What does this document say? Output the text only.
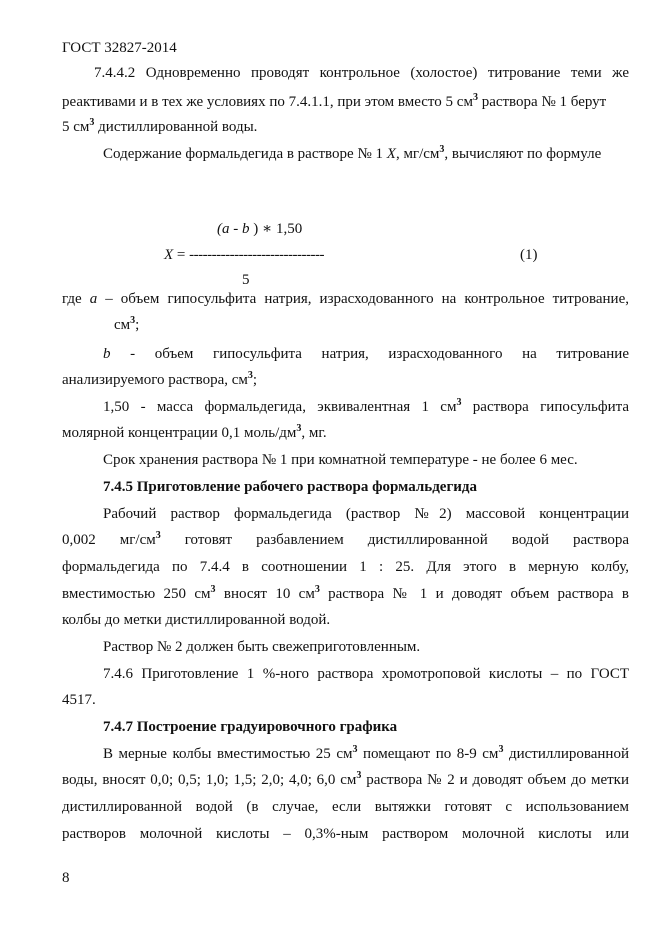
ГОСТ 32827-2014
7.4.4.2 Одновременно проводят контрольное (холостое) титрование теми же
реактивами и в тех же условиях по 7.4.1.1, при этом вместо 5 $см^3$ раствора № 1 берут
5 $см^3$ дистиллированной воды.
Содержание формальдегида в растворе № 1 X, $мг/см^3$, вычисляют по формуле
(a - b ) ∗ 1,50
X = ------------------------------	(1)
5
где a – объем гипосульфита натрия, израсходованного на контрольное титрование,
$см^3$;
b - объем гипосульфита натрия, израсходованного на титрование
анализируемого раствора, $см^3$;
1,50 - масса формальдегида, эквивалентная 1 $см^3$ раствора гипосульфита
молярной концентрации 0,1 моль/$дм^3$, мг.
Срок хранения раствора № 1 при комнатной температуре - не более 6 мес.
7.4.5 Приготовление рабочего раствора формальдегида
Рабочий раствор формальдегида (раствор №2) массовой концентрации
0,002 $мг/см^3$ готовят разбавлением дистиллированной водой раствора
формальдегида по 7.4.4 в соотношении 1 : 25. Для этого в мерную колбу,
вместимостью 250 $см^3$ вносят 10 $см^3$ раствора № 1 и доводят объем раствора в
колбы до метки дистиллированной водой.
Раствор № 2 должен быть свежеприготовленным.
7.4.6 Приготовление 1 %-ного раствора хромотроповой кислоты – по ГОСТ
4517.
7.4.7 Построение градуировочного графика
В мерные колбы вместимостью 25 $см^3$ помещают по 8-9 $см^3$ дистиллированной
воды, вносят 0,0; 0,5; 1,0; 1,5; 2,0; 4,0; 6,0 $см^3$ раствора № 2 и доводят объем до метки
дистиллированной водой (в случае, если вытяжки готовят с использованием
растворов молочной кислоты – 0,3%-ным раствором молочной кислоты или
8
